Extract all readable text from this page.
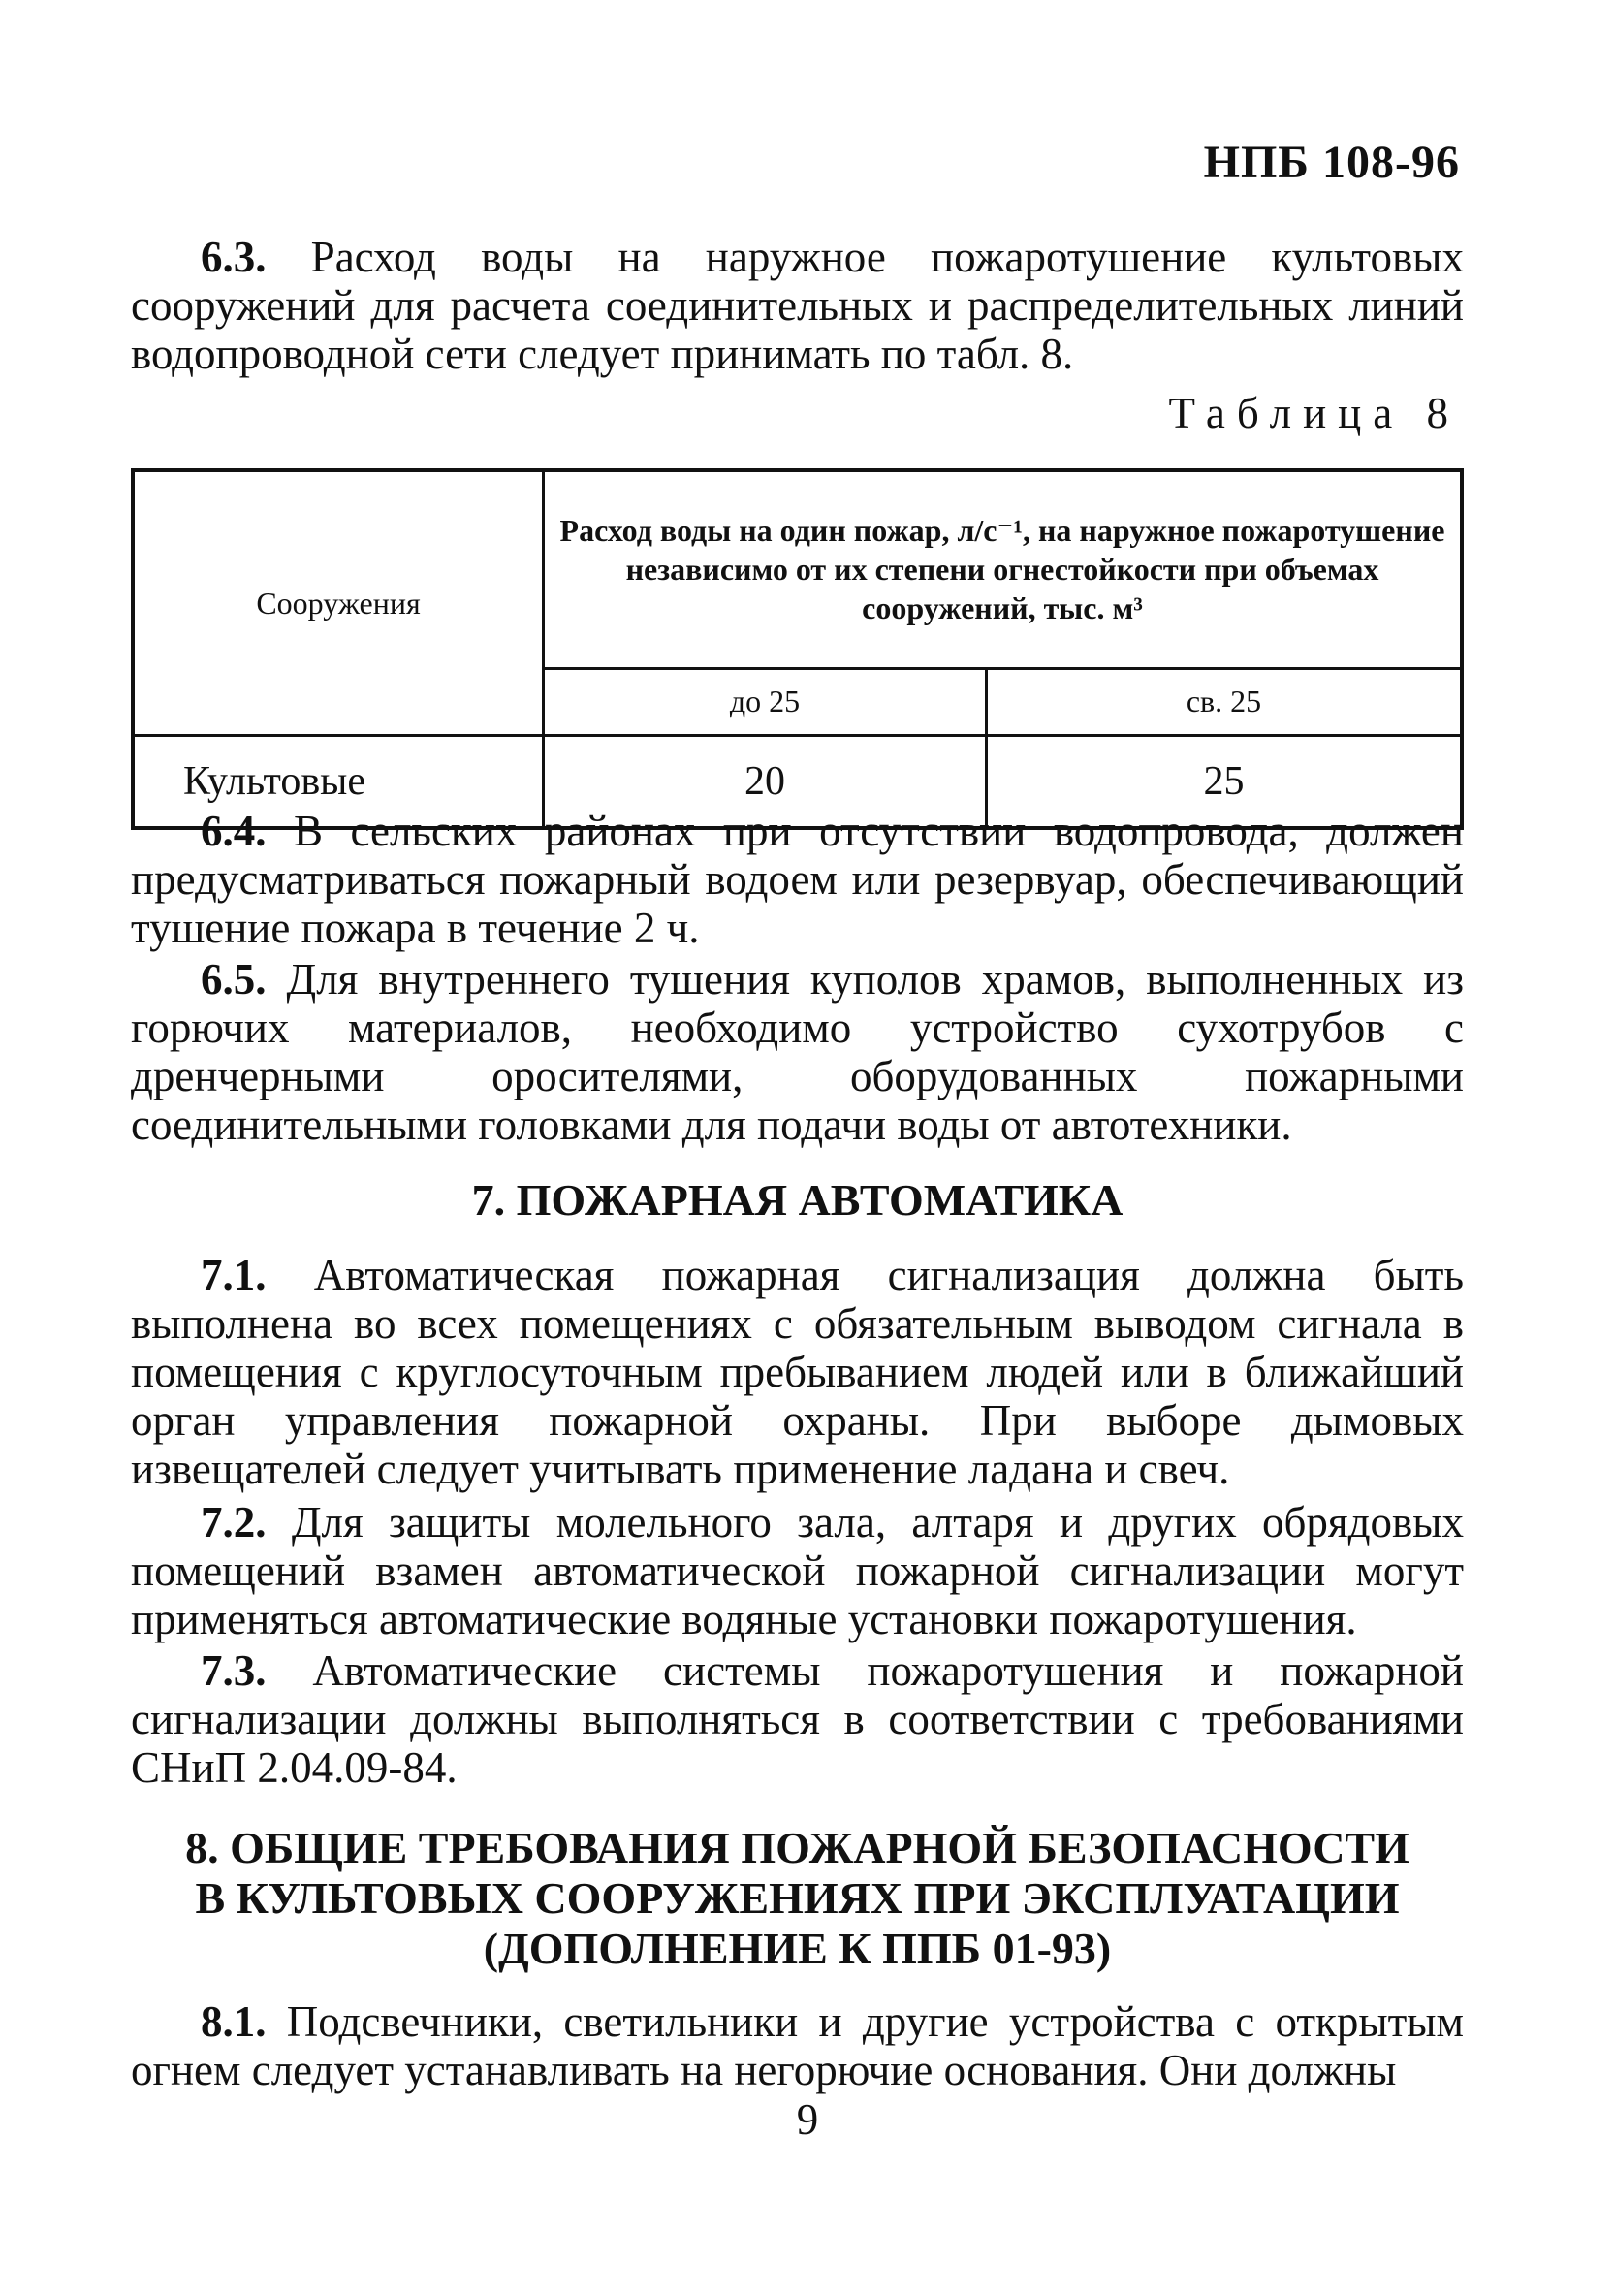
НПБ 108-96

6.3. Расход воды на наружное пожаротушение культовых сооружений для расчета соединительных и распределительных линий водопроводной сети следует принимать по табл. 8.

Таблица 8
Сооружения	Расход воды на один пожар, л/с⁻¹, на наружное пожаротушение независимо от их степени огнестойкости при объемах сооружений, тыс. м³	
	до 25	св. 25
Культовые	20	25

6.4. В сельских районах при отсутствии водопровода, должен предусматриваться пожарный водоем или резервуар, обеспечивающий тушение пожара в течение 2 ч.

6.5. Для внутреннего тушения куполов храмов, выполненных из горючих материалов, необходимо устройство сухотрубов с дренчерными оросителями, оборудованных пожарными соединительными головками для подачи воды от автотехники.

7. ПОЖАРНАЯ АВТОМАТИКА

7.1. Автоматическая пожарная сигнализация должна быть выполнена во всех помещениях с обязательным выводом сигнала в помещения с круглосуточным пребыванием людей или в ближайший орган управления пожарной охраны. При выборе дымовых извещателей следует учитывать применение ладана и свеч.

7.2. Для защиты молельного зала, алтаря и других обрядовых помещений взамен автоматической пожарной сигнализации могут применяться автоматические водяные установки пожаротушения.

7.3. Автоматические системы пожаротушения и пожарной сигнализации должны выполняться в соответствии с требованиями СНиП 2.04.09-84.

8. ОБЩИЕ ТРЕБОВАНИЯ ПОЖАРНОЙ БЕЗОПАСНОСТИ
В КУЛЬТОВЫХ СООРУЖЕНИЯХ ПРИ ЭКСПЛУАТАЦИИ
(ДОПОЛНЕНИЕ К ППБ 01-93)

8.1. Подсвечники, светильники и другие устройства с открытым огнем следует устанавливать на негорючие основания. Они должны

9
